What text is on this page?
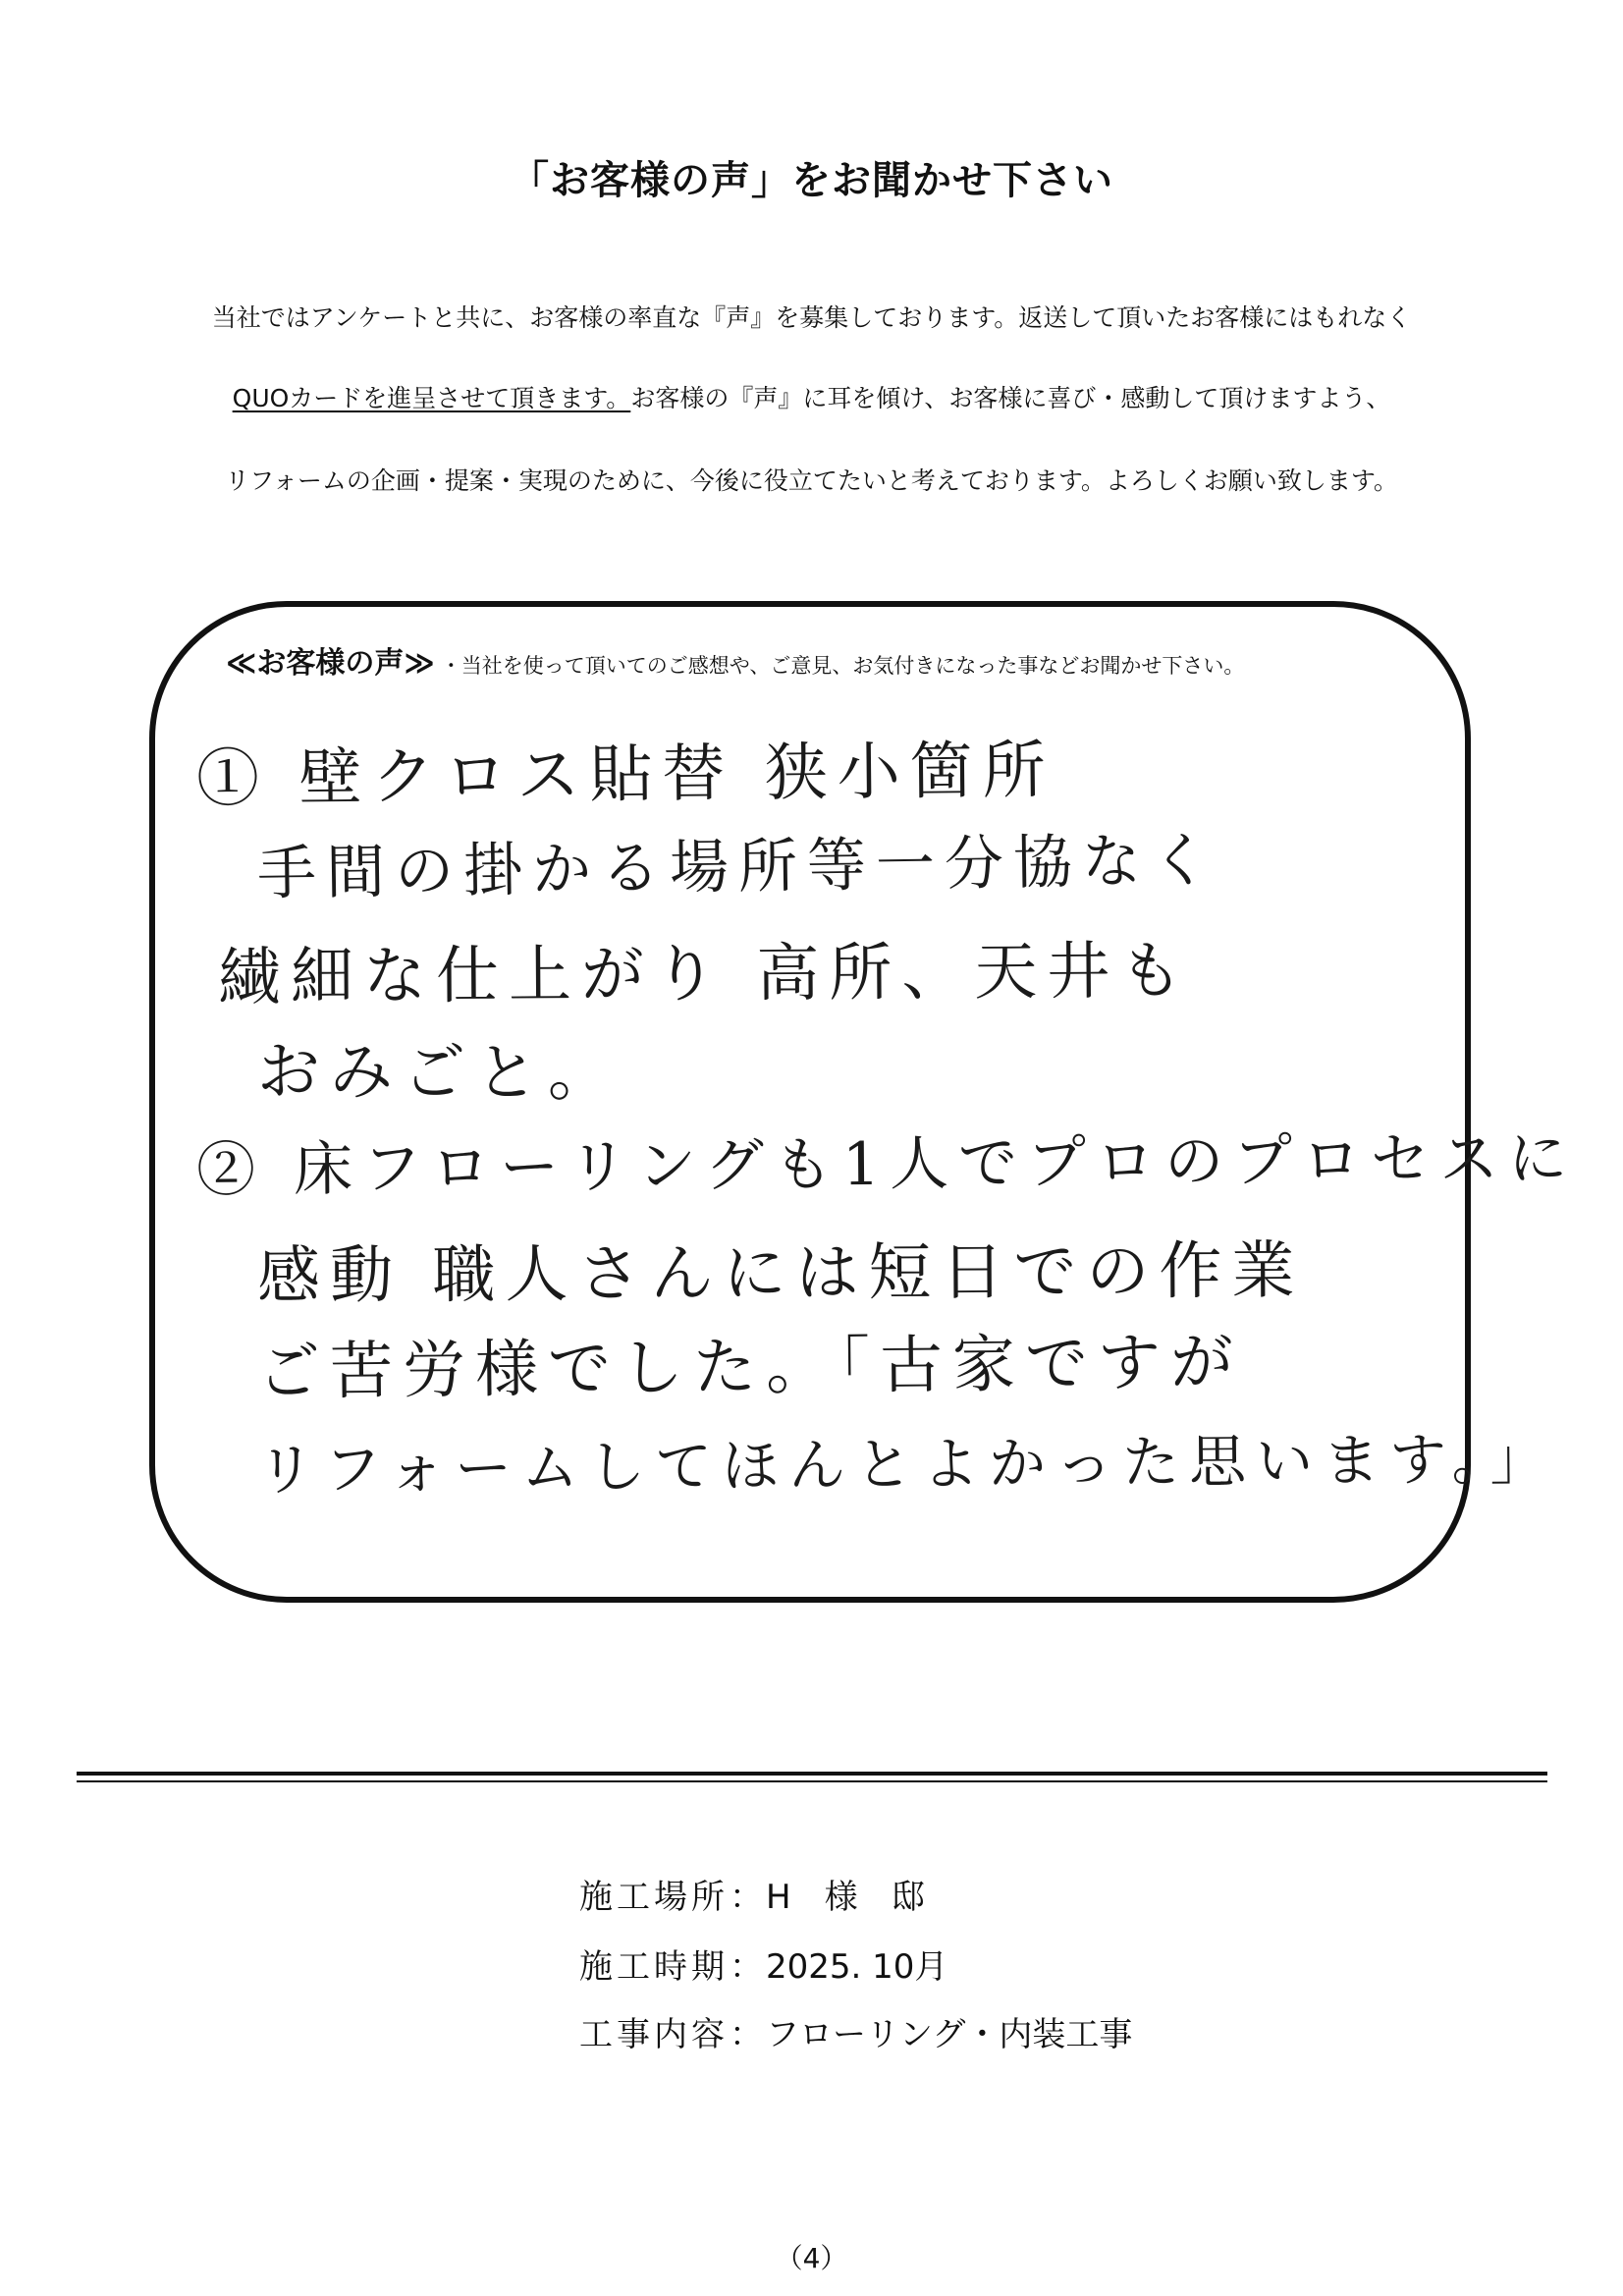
「お客様の声」をお聞かせ下さい
当社ではアンケートと共に、お客様の率直な『声』を募集しております。返送して頂いたお客様にはもれなく
QUOカードを進呈させて頂きます。お客様の『声』に耳を傾け、お客様に喜び・感動して頂けますよう、
リフォームの企画・提案・実現のために、今後に役立てたいと考えております。よろしくお願い致します。
≪お客様の声≫ ・当社を使って頂いてのご感想や、ご意見、お気付きになった事などお聞かせ下さい。
① 壁クロス貼替 狭小箇所
手間の掛かる場所等一分協なく
繊細な仕上がり 高所、天井も
おみごと。
② 床フローリングも1人でプロのプロセスに
感動 職人さんには短日での作業
ご苦労様でした。「古家ですが
リフォームしてほんとよかった思います。」
施工場所：H　様　邸
施工時期：2025. 10月
工事内容：フローリング・内装工事
（4）
